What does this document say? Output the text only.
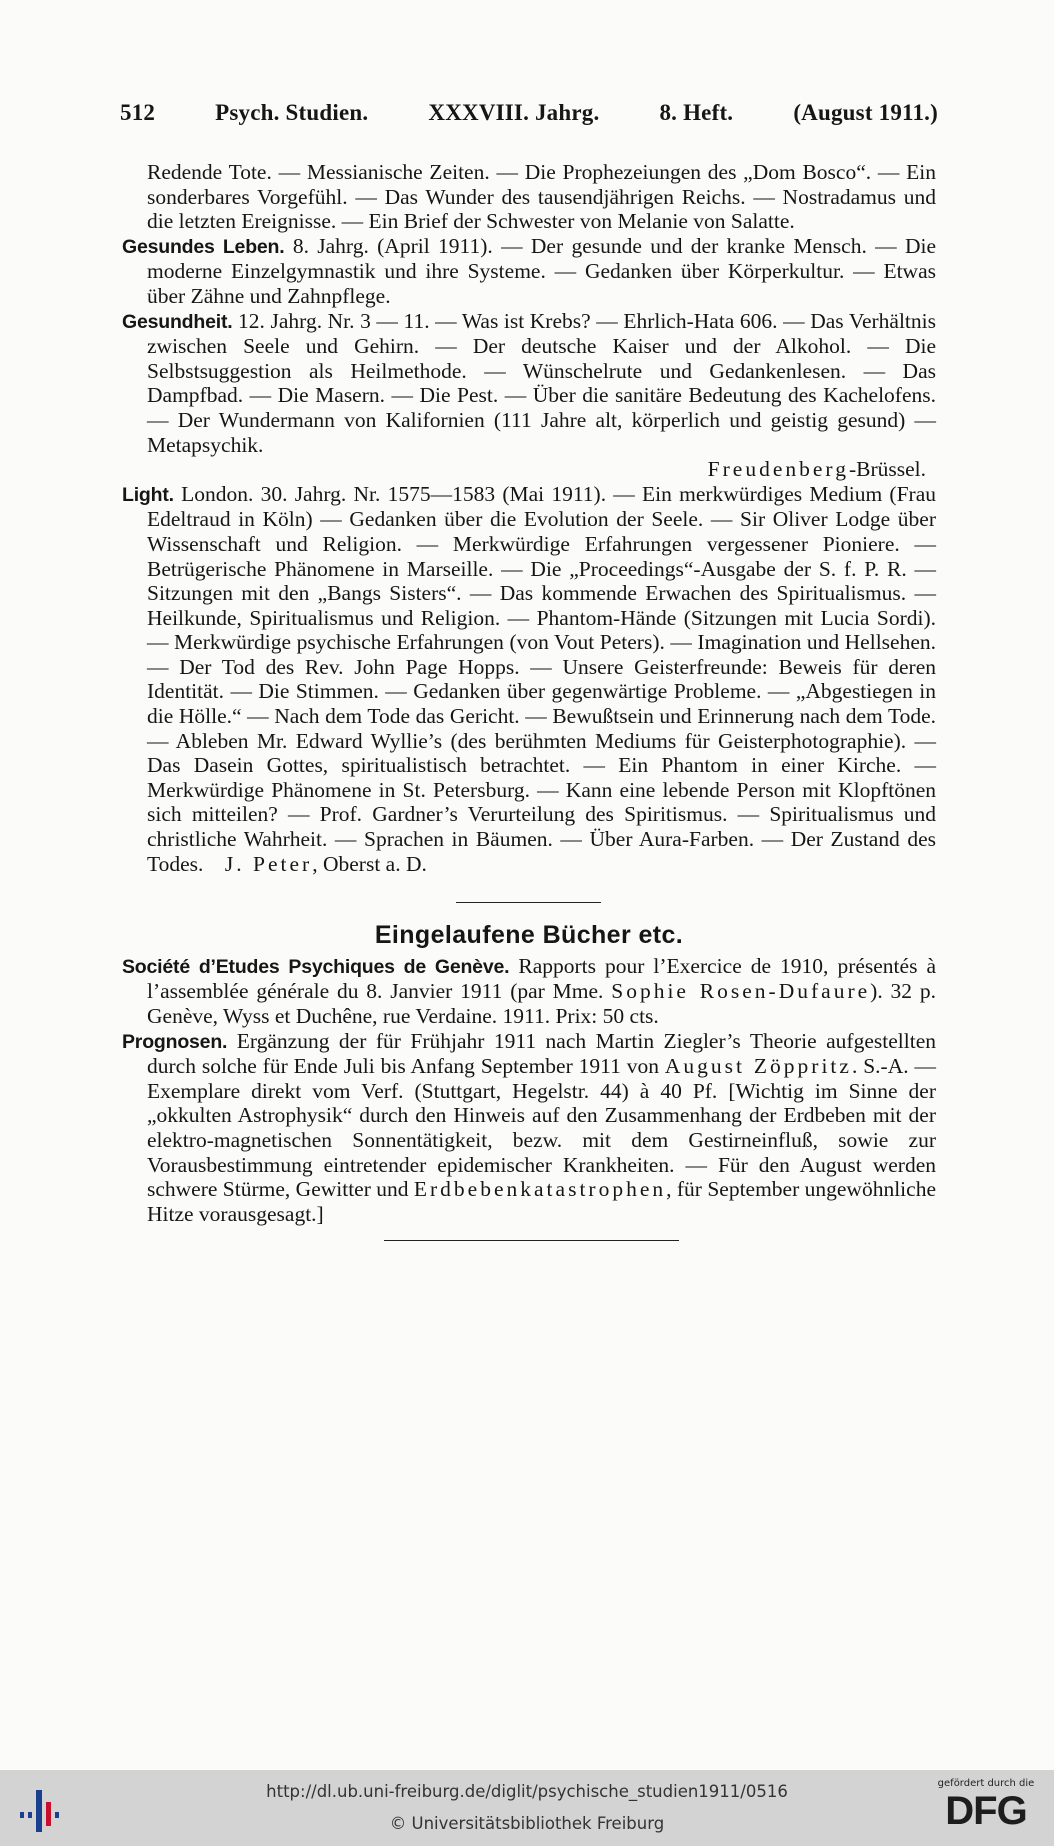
512	Psych. Studien.	XXXVIII. Jahrg.	8. Heft.	(August 1911.)

Redende Tote. — Messianische Zeiten. — Die Prophezeiungen des „Dom Bosco“. — Ein sonderbares Vorgefühl. — Das Wunder des tausendjährigen Reichs. — Nostradamus und die letzten Ereignisse. — Ein Brief der Schwester von Melanie von Salatte.

Gesundes Leben. 8. Jahrg. (April 1911). — Der gesunde und der kranke Mensch. — Die moderne Einzelgymnastik und ihre Systeme. — Gedanken über Körperkultur. — Etwas über Zähne und Zahnpflege.

Gesundheit. 12. Jahrg. Nr. 3 — 11. — Was ist Krebs? — Ehrlich-Hata 606. — Das Verhältnis zwischen Seele und Gehirn. — Der deutsche Kaiser und der Alkohol. — Die Selbstsuggestion als Heilmethode. — Wünschelrute und Gedankenlesen. — Das Dampfbad. — Die Masern. — Die Pest. — Über die sanitäre Bedeutung des Kachelofens. — Der Wundermann von Kalifornien (111 Jahre alt, körperlich und geistig gesund) — Metapsychik.

Freudenberg-Brüssel.

Light. London. 30. Jahrg. Nr. 1575—1583 (Mai 1911). — Ein merkwürdiges Medium (Frau Edeltraud in Köln) — Gedanken über die Evolution der Seele. — Sir Oliver Lodge über Wissenschaft und Religion. — Merkwürdige Erfahrungen vergessener Pioniere. — Betrügerische Phänomene in Marseille. — Die „Proceedings“-Ausgabe der S. f. P. R. — Sitzungen mit den „Bangs Sisters“. — Das kommende Erwachen des Spiritualismus. — Heilkunde, Spiritualismus und Religion. — Phantom-Hände (Sitzungen mit Lucia Sordi). — Merkwürdige psychische Erfahrungen (von Vout Peters). — Imagination und Hellsehen. — Der Tod des Rev. John Page Hopps. — Unsere Geisterfreunde: Beweis für deren Identität. — Die Stimmen. — Gedanken über gegenwärtige Probleme. — „Abgestiegen in die Hölle.“ — Nach dem Tode das Gericht. — Bewußtsein und Erinnerung nach dem Tode. — Ableben Mr. Edward Wyllie’s (des berühmten Mediums für Geisterphotographie). — Das Dasein Gottes, spiritualistisch betrachtet. — Ein Phantom in einer Kirche. — Merkwürdige Phänomene in St. Petersburg. — Kann eine lebende Person mit Klopftönen sich mitteilen? — Prof. Gardner’s Verurteilung des Spiritismus. — Spiritualismus und christliche Wahrheit. — Sprachen in Bäumen. — Über Aura-Farben. — Der Zustand des Todes. J. Peter, Oberst a. D.

Eingelaufene Bücher etc.

Société d’Etudes Psychiques de Genève. Rapports pour l’Exercice de 1910, présentés à l’assemblée générale du 8. Janvier 1911 (par Mme. Sophie Rosen-Dufaure). 32 p. Genève, Wyss et Duchêne, rue Verdaine. 1911. Prix: 50 cts.

Prognosen. Ergänzung der für Frühjahr 1911 nach Martin Ziegler’s Theorie aufgestellten durch solche für Ende Juli bis Anfang September 1911 von August Zöppritz. S.-A. — Exemplare direkt vom Verf. (Stuttgart, Hegelstr. 44) à 40 Pf. [Wichtig im Sinne der „okkulten Astrophysik“ durch den Hinweis auf den Zusammenhang der Erdbeben mit der elektro-magnetischen Sonnentätigkeit, bezw. mit dem Gestirneinfluß, sowie zur Vorausbestimmung eintretender epidemischer Krankheiten. — Für den August werden schwere Stürme, Gewitter und Erdbebenkatastrophen, für September ungewöhnliche Hitze vorausgesagt.]

http://dl.ub.uni-freiburg.de/diglit/psychische_studien1911/0516
© Universitätsbibliothek Freiburg
gefördert durch die
DFG
